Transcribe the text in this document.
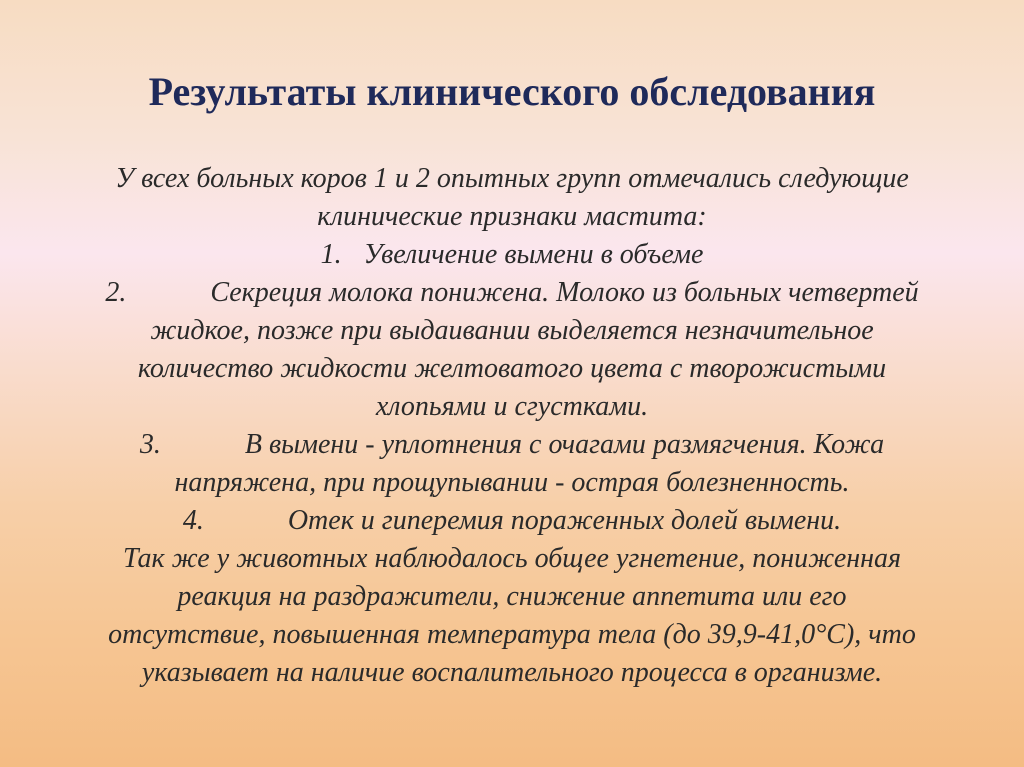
Результаты клинического обследования

У всех больных коров 1 и 2 опытных групп отмечались следующие

клинические признаки мастита:

1. Увеличение вымени в объеме

2.	Секреция молока понижена. Молоко из больных четвертей

жидкое, позже при выдаивании выделяется незначительное

количество жидкости желтоватого цвета с творожистыми

хлопьями и сгустками.

3.	В вымени - уплотнения с очагами размягчения. Кожа

напряжена, при прощупывании - острая болезненность.

4.	Отек и гиперемия пораженных долей вымени.

Так же у животных наблюдалось общее угнетение, пониженная

реакция на раздражители, снижение аппетита или его

отсутствие, повышенная температура тела (до 39,9-41,0°С), что

указывает на наличие воспалительного процесса в организме.
